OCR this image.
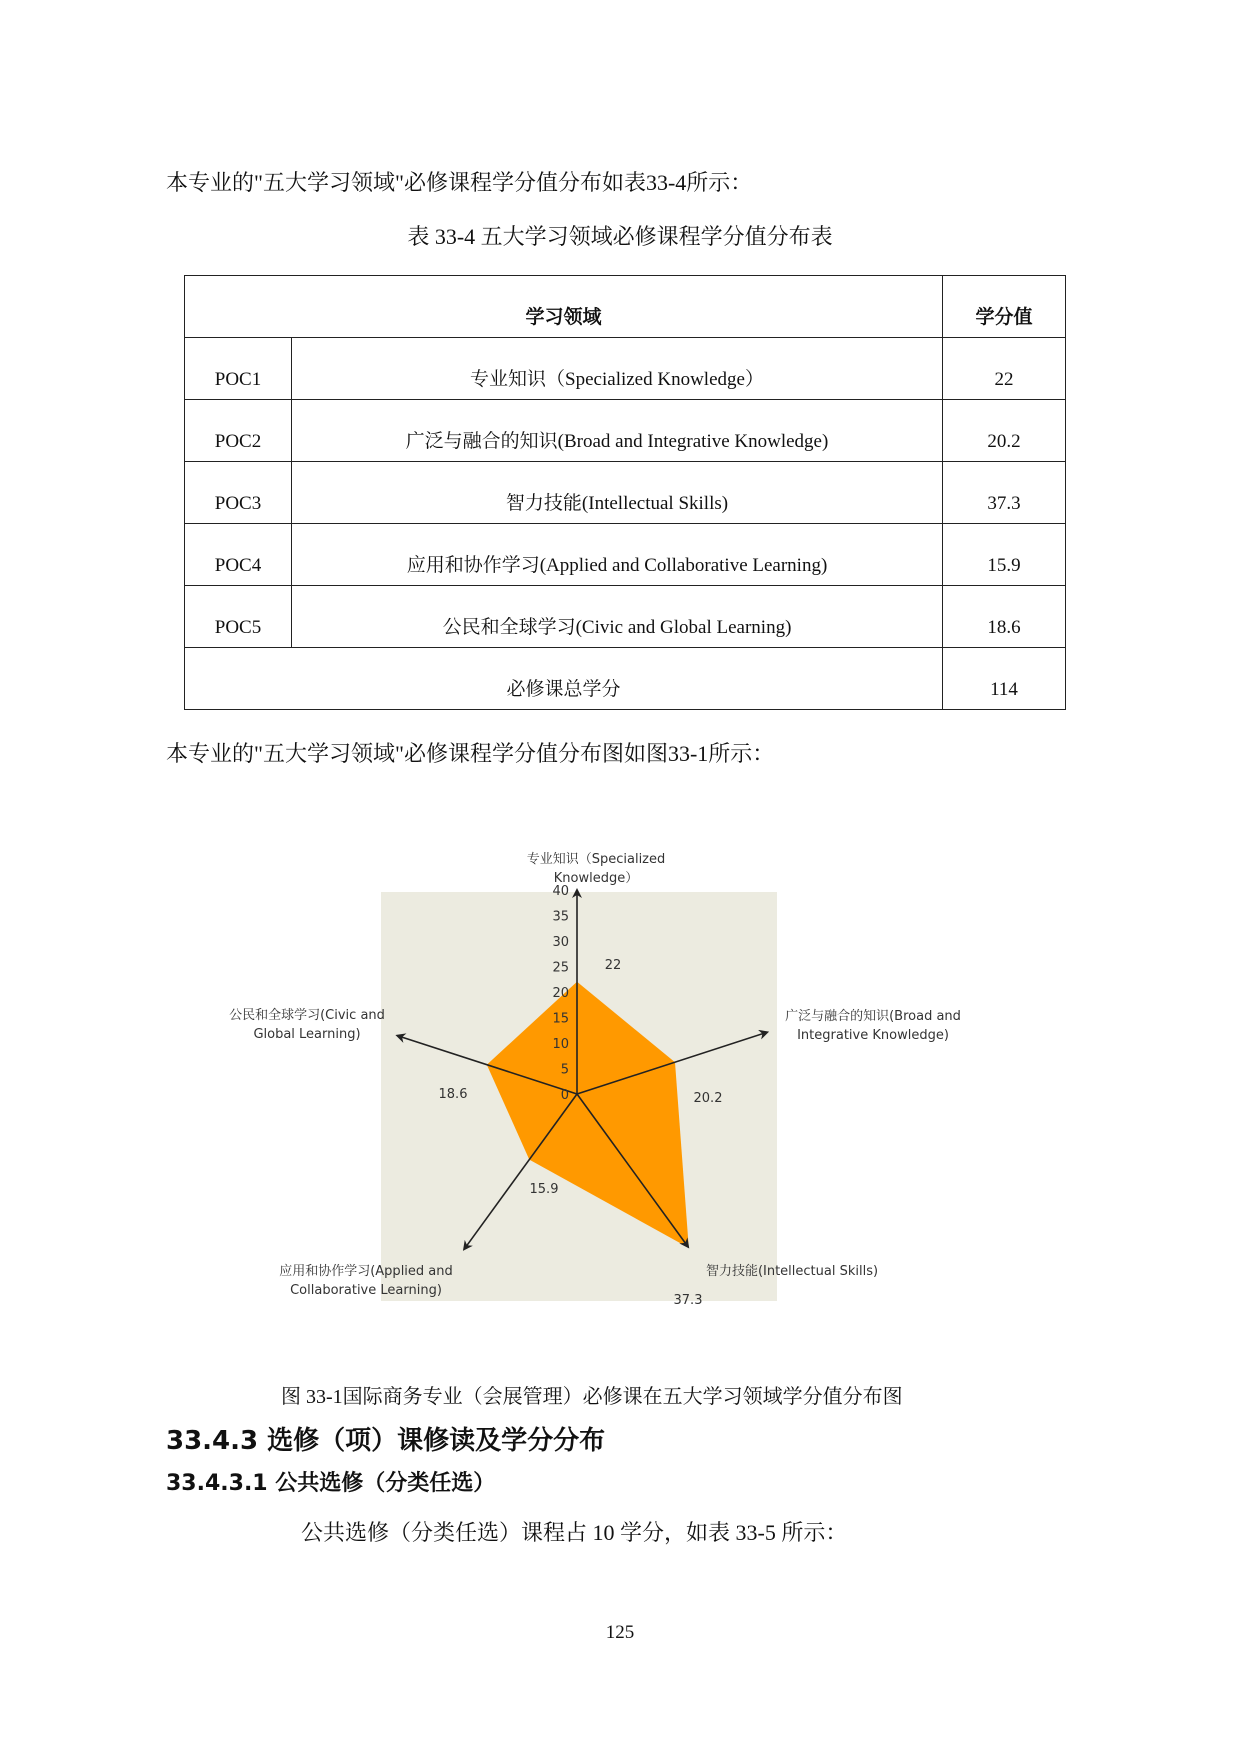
本专业的"五大学习领域"必修课程学分值分布如表33-4所示：
表 33-4 五大学习领域必修课程学分值分布表
学习领域		学分值
POC1	专业知识（Specialized Knowledge）	22
POC2	广泛与融合的知识(Broad and Integrative Knowledge)	20.2
POC3	智力技能(Intellectual Skills)	37.3
POC4	应用和协作学习(Applied and Collaborative Learning)	15.9
POC5	公民和全球学习(Civic and Global Learning)	18.6
必修课总学分		114
本专业的"五大学习领域"必修课程学分值分布图如图33-1所示：
0
5
10
15
20
25
30
35
40
专业知识（Specialized
Knowledge）
广泛与融合的知识(Broad and
Integrative Knowledge)
智力技能(Intellectual Skills)
应用和协作学习(Applied and
Collaborative Learning)
公民和全球学习(Civic and
Global Learning)
22
20.2
37.3
15.9
18.6
图 33-1国际商务专业（会展管理）必修课在五大学习领域学分值分布图
33.4.3 选修（项）课修读及学分分布
33.4.3.1 公共选修（分类任选）
公共选修（分类任选）课程占 10 学分，如表 33-5 所示：
125
